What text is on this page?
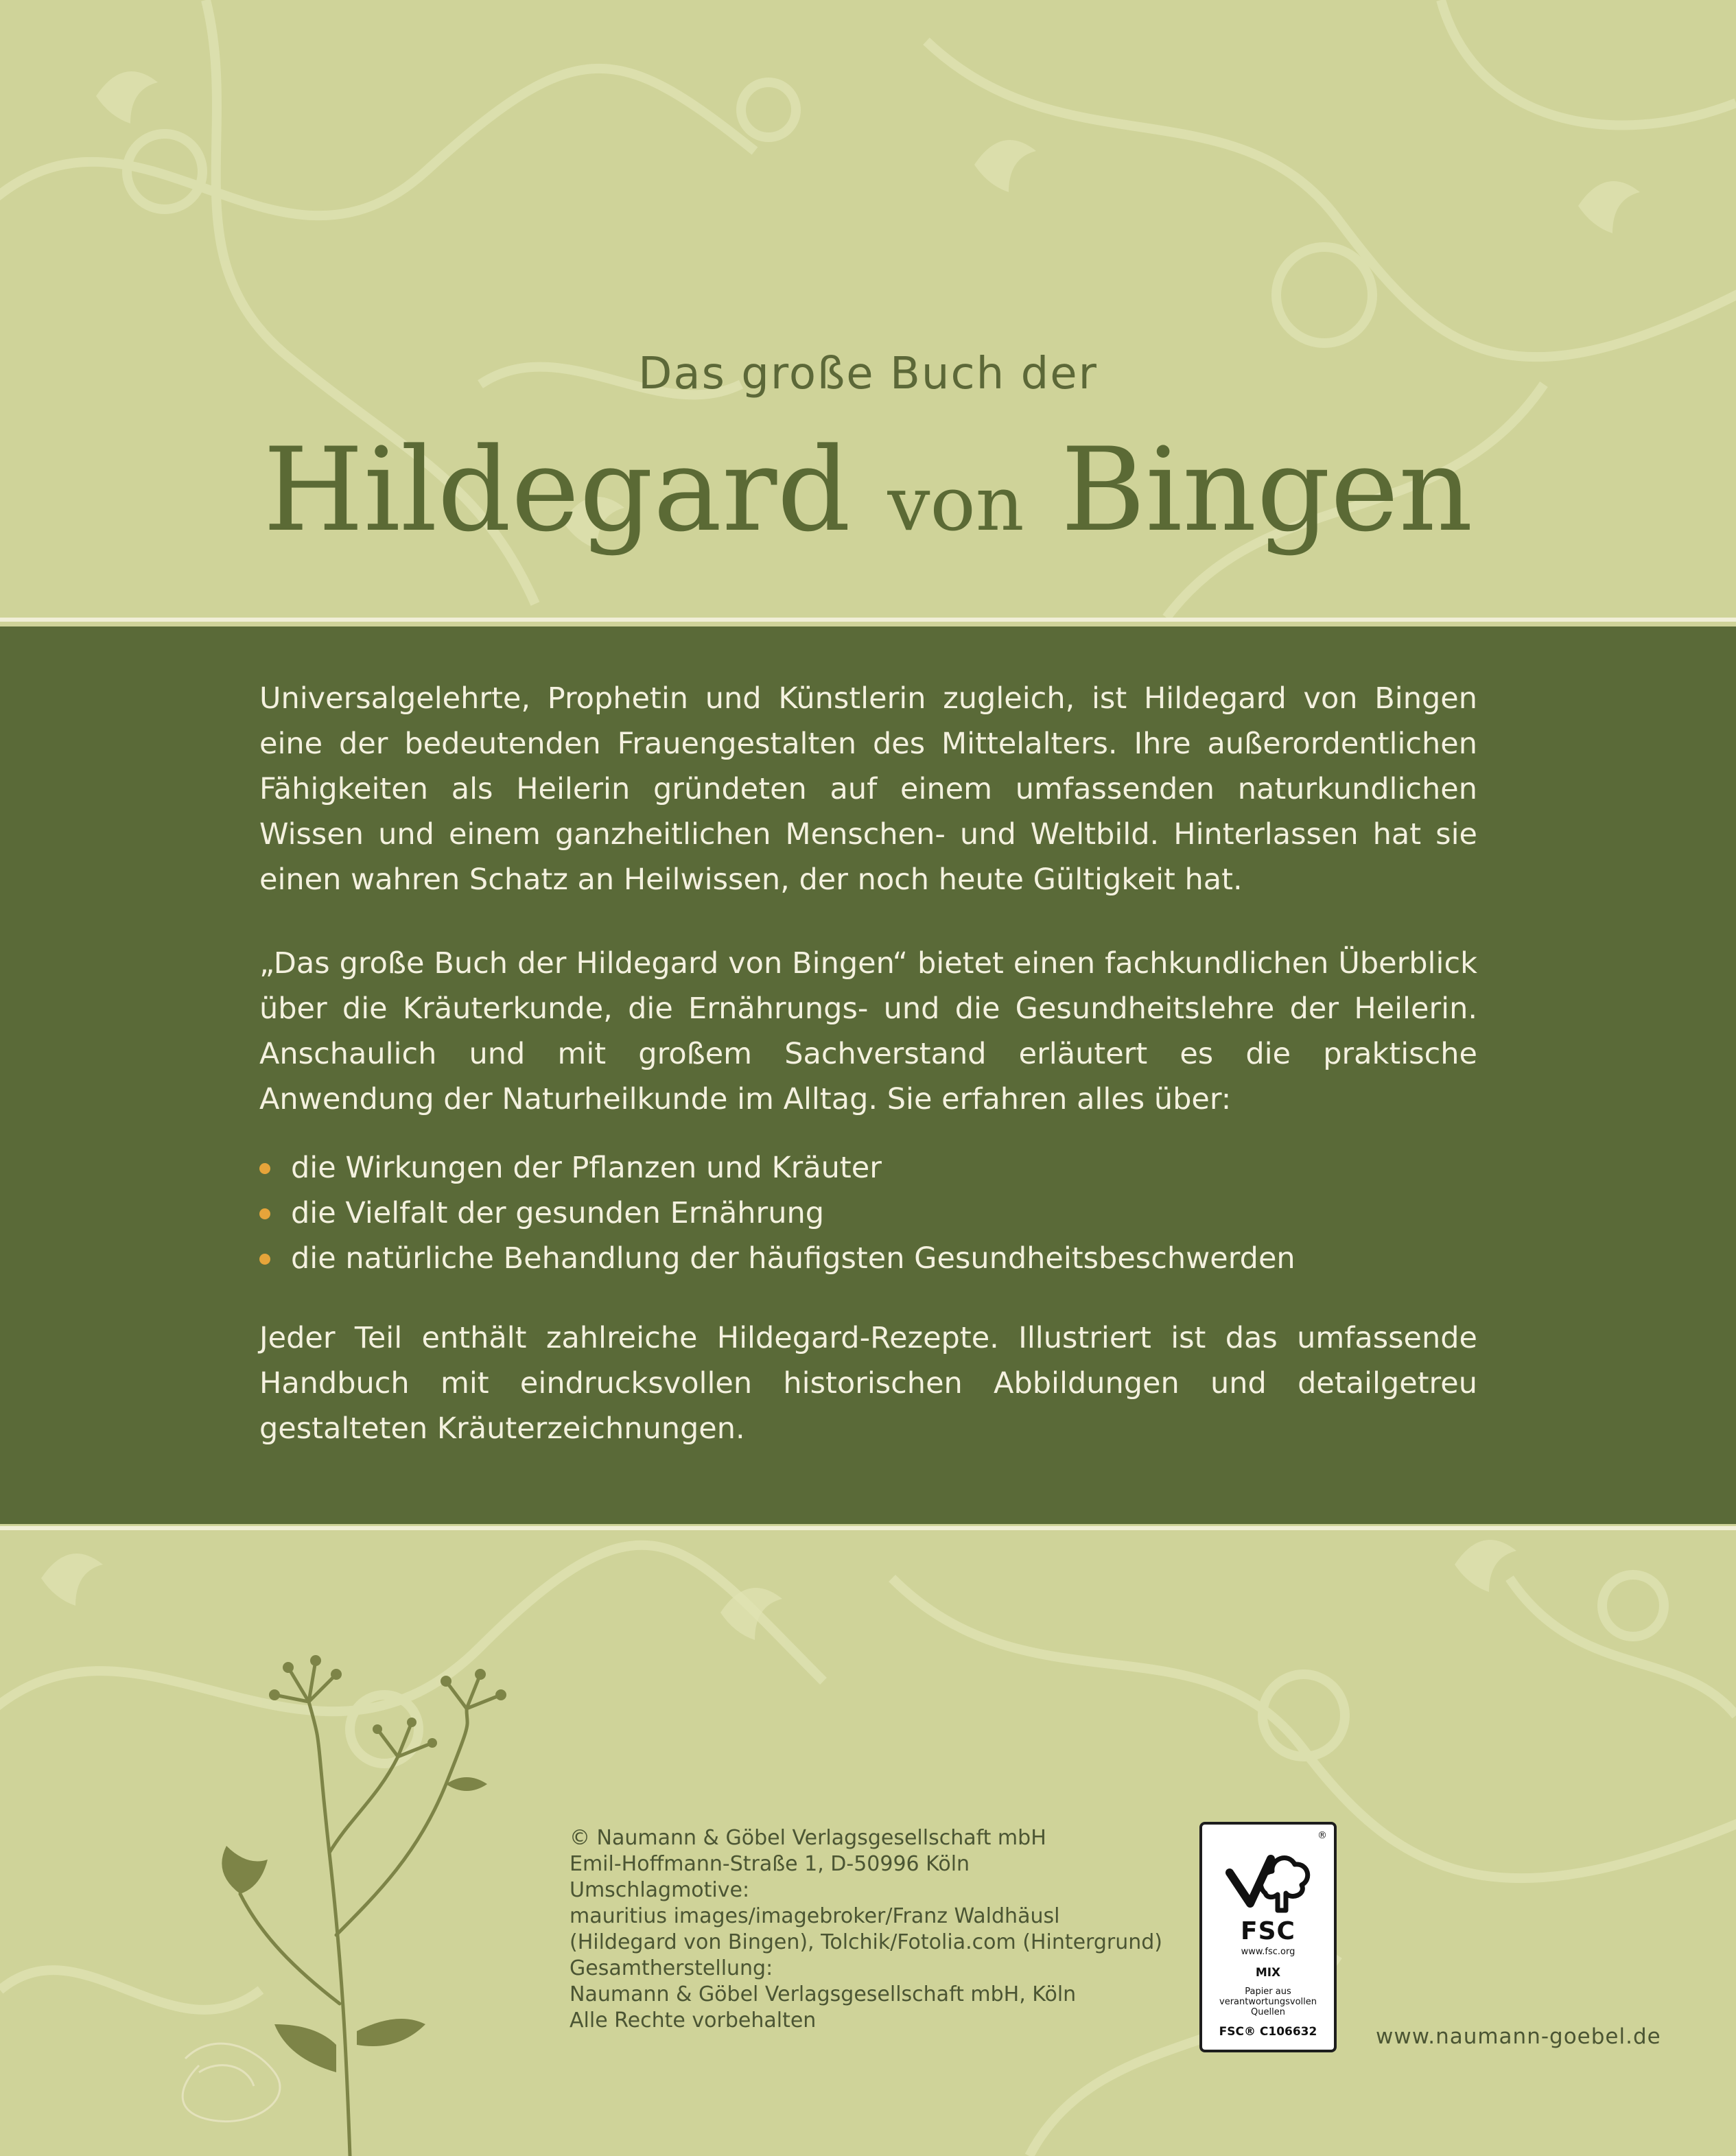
Das große Buch der
Hildegard von Bingen

Universalgelehrte, Prophetin und Künstlerin zugleich, ist Hildegard von Bingen eine der bedeutenden Frauengestalten des Mittelalters. Ihre außerordentlichen Fähigkeiten als Heilerin gründeten auf einem umfassenden naturkundlichen Wissen und einem ganzheitlichen Menschen- und Weltbild. Hinterlassen hat sie einen wahren Schatz an Heilwissen, der noch heute Gültigkeit hat.

„Das große Buch der Hildegard von Bingen“ bietet einen fachkundlichen Überblick über die Kräuterkunde, die Ernährungs- und die Gesundheitslehre der Heilerin. Anschaulich und mit großem Sachverstand erläutert es die praktische Anwendung der Naturheilkunde im Alltag. Sie erfahren alles über:

die Wirkungen der Pflanzen und Kräuter
die Vielfalt der gesunden Ernährung
die natürliche Behandlung der häufigsten Gesundheitsbeschwerden

Jeder Teil enthält zahlreiche Hildegard-Rezepte. Illustriert ist das umfassende Handbuch mit eindrucksvollen historischen Abbildungen und detailgetreu gestalteten Kräuterzeichnungen.

© Naumann & Göbel Verlagsgesellschaft mbH
Emil-Hoffmann-Straße 1, D-50996 Köln
Umschlagmotive:
mauritius images/imagebroker/Franz Waldhäusl
(Hildegard von Bingen), Tolchik/Fotolia.com (Hintergrund)
Gesamtherstellung:
Naumann & Göbel Verlagsgesellschaft mbH, Köln
Alle Rechte vorbehalten
®
FSC
www.fsc.org
MIX
Papier aus verantwortungsvollen Quellen
FSC® C106632	www.naumann-goebel.de
